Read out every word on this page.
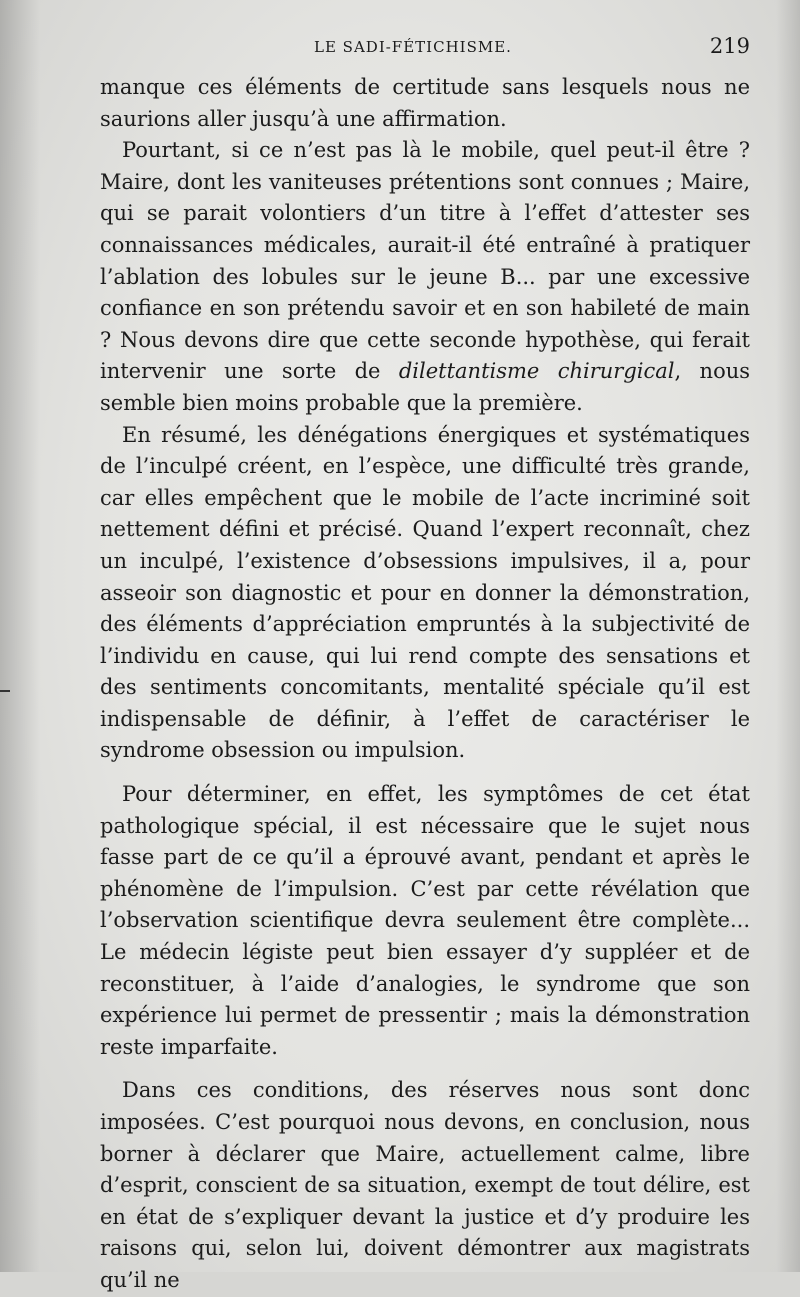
LE SADI-FÉTICHISME.	219

manque ces éléments de certitude sans lesquels nous ne saurions aller jusqu’à une affirmation.

Pourtant, si ce n’est pas là le mobile, quel peut-il être ? Maire, dont les vaniteuses prétentions sont connues ; Maire, qui se parait volontiers d’un titre à l’effet d’attester ses connaissances médicales, aurait-il été entraîné à pratiquer l’ablation des lobules sur le jeune B... par une excessive confiance en son prétendu savoir et en son habileté de main ? Nous devons dire que cette seconde hypothèse, qui ferait intervenir une sorte de dilettantisme chirurgical, nous semble bien moins probable que la première.

En résumé, les dénégations énergiques et systématiques de l’inculpé créent, en l’espèce, une difficulté très grande, car elles empêchent que le mobile de l’acte incriminé soit nettement défini et précisé. Quand l’expert reconnaît, chez un inculpé, l’existence d’obsessions impulsives, il a, pour asseoir son diagnostic et pour en donner la démonstration, des éléments d’appréciation empruntés à la subjectivité de l’individu en cause, qui lui rend compte des sensations et des sentiments concomitants, mentalité spéciale qu’il est indispensable de définir, à l’effet de caractériser le syndrome obsession ou impulsion.

Pour déterminer, en effet, les symptômes de cet état pathologique spécial, il est nécessaire que le sujet nous fasse part de ce qu’il a éprouvé avant, pendant et après le phénomène de l’impulsion. C’est par cette révélation que l’observation scientifique devra seulement être complète... Le médecin légiste peut bien essayer d’y suppléer et de reconstituer, à l’aide d’analogies, le syndrome que son expérience lui permet de pressentir ; mais la démonstration reste imparfaite.

Dans ces conditions, des réserves nous sont donc imposées. C’est pourquoi nous devons, en conclusion, nous borner à déclarer que Maire, actuellement calme, libre d’esprit, conscient de sa situation, exempt de tout délire, est en état de s’expliquer devant la justice et d’y produire les raisons qui, selon lui, doivent démontrer aux magistrats qu’il ne
